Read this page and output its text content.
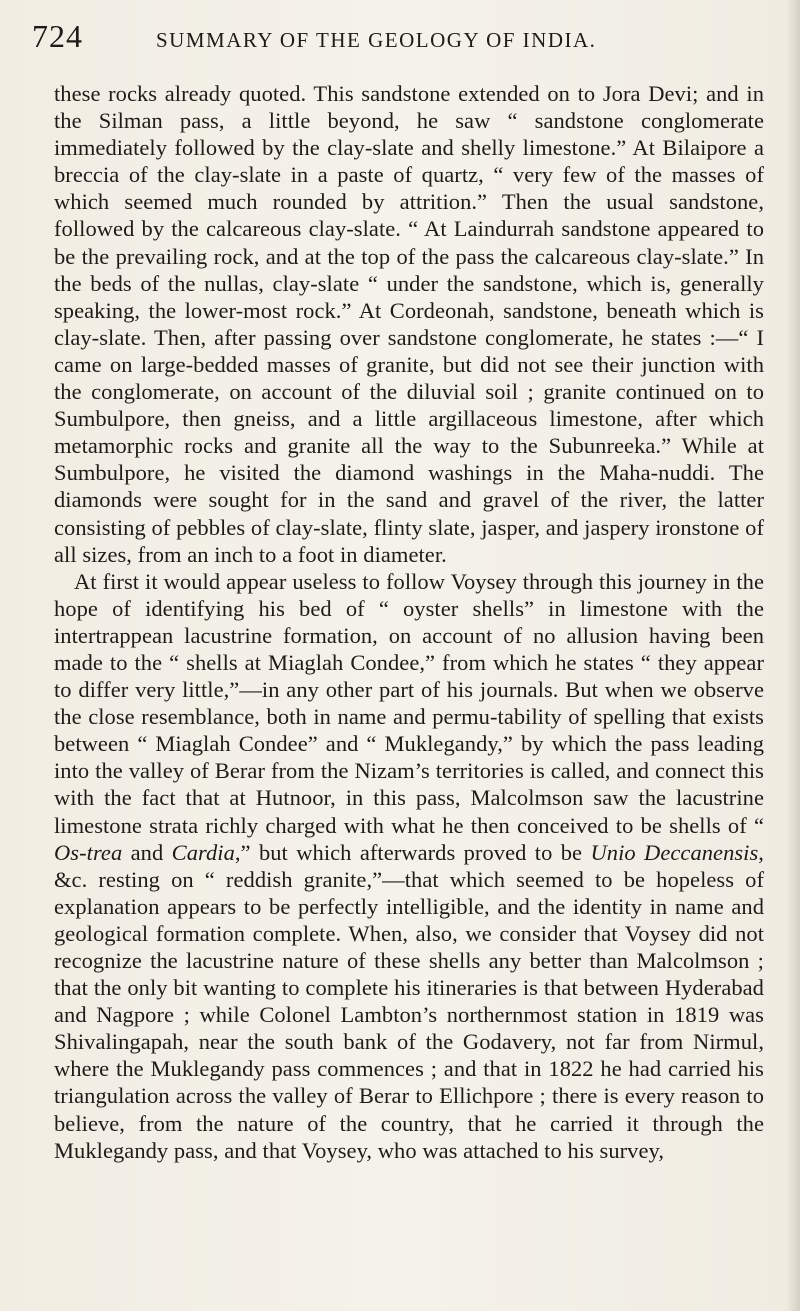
724	SUMMARY OF THE GEOLOGY OF INDIA.

these rocks already quoted. This sandstone extended on to Jora Devi; and in the Silman pass, a little beyond, he saw “ sandstone conglomerate immediately followed by the clay-slate and shelly limestone.” At Bilaipore a breccia of the clay-slate in a paste of quartz, “ very few of the masses of which seemed much rounded by attrition.” Then the usual sandstone, followed by the calcareous clay-slate. “ At Laindurrah sandstone appeared to be the prevailing rock, and at the top of the pass the calcareous clay-slate.” In the beds of the nullas, clay-slate “ under the sandstone, which is, generally speaking, the lower-most rock.” At Cordeonah, sandstone, beneath which is clay-slate. Then, after passing over sandstone conglomerate, he states :—“ I came on large-bedded masses of granite, but did not see their junction with the conglomerate, on account of the diluvial soil ; granite continued on to Sumbulpore, then gneiss, and a little argillaceous limestone, after which metamorphic rocks and granite all the way to the Subunreeka.” While at Sumbulpore, he visited the diamond washings in the Maha-nuddi. The diamonds were sought for in the sand and gravel of the river, the latter consisting of pebbles of clay-slate, flinty slate, jasper, and jaspery ironstone of all sizes, from an inch to a foot in diameter.

At first it would appear useless to follow Voysey through this journey in the hope of identifying his bed of “ oyster shells” in limestone with the intertrappean lacustrine formation, on account of no allusion having been made to the “ shells at Miaglah Condee,” from which he states “ they appear to differ very little,”—in any other part of his journals. But when we observe the close resemblance, both in name and permu-tability of spelling that exists between “ Miaglah Condee” and “ Muklegandy,” by which the pass leading into the valley of Berar from the Nizam’s territories is called, and connect this with the fact that at Hutnoor, in this pass, Malcolmson saw the lacustrine limestone strata richly charged with what he then conceived to be shells of “ Os-trea and Cardia,” but which afterwards proved to be Unio Deccanensis, &c. resting on “ reddish granite,”—that which seemed to be hopeless of explanation appears to be perfectly intelligible, and the identity in name and geological formation complete. When, also, we consider that Voysey did not recognize the lacustrine nature of these shells any better than Malcolmson ; that the only bit wanting to complete his itineraries is that between Hyderabad and Nagpore ; while Colonel Lambton’s northernmost station in 1819 was Shivalingapah, near the south bank of the Godavery, not far from Nirmul, where the Muklegandy pass commences ; and that in 1822 he had carried his triangulation across the valley of Berar to Ellichpore ; there is every reason to believe, from the nature of the country, that he carried it through the Muklegandy pass, and that Voysey, who was attached to his survey,
